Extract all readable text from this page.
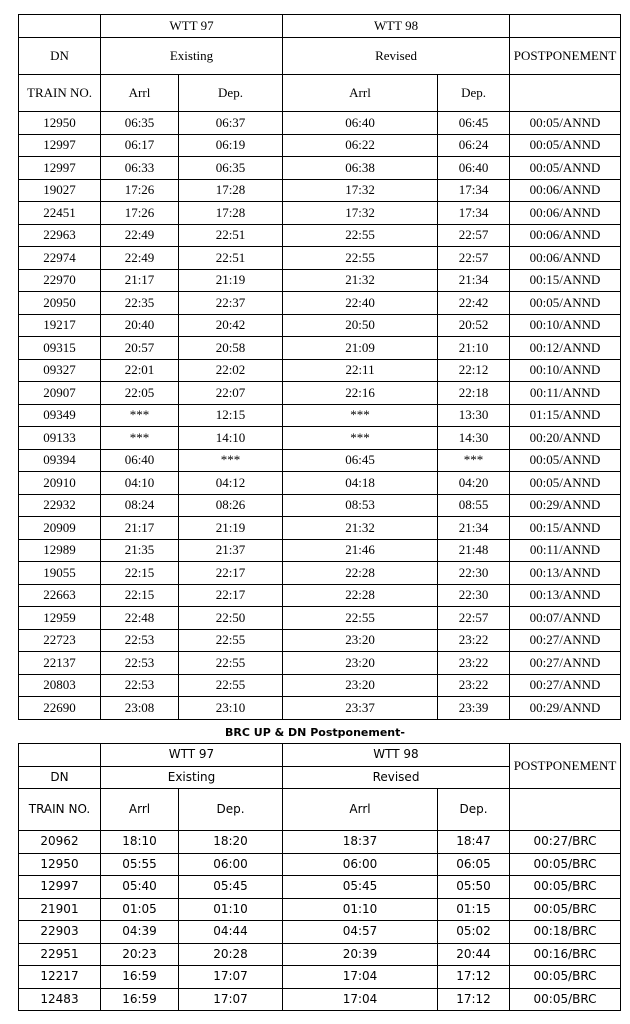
	WTT 97		WTT 98		
DN	Existing		Revised		POSTPONEMENT
TRAIN NO.	Arrl	Dep.	Arrl	Dep.	
12950	06:35	06:37	06:40	06:45	00:05/ANND
12997	06:17	06:19	06:22	06:24	00:05/ANND
12997	06:33	06:35	06:38	06:40	00:05/ANND
19027	17:26	17:28	17:32	17:34	00:06/ANND
22451	17:26	17:28	17:32	17:34	00:06/ANND
22963	22:49	22:51	22:55	22:57	00:06/ANND
22974	22:49	22:51	22:55	22:57	00:06/ANND
22970	21:17	21:19	21:32	21:34	00:15/ANND
20950	22:35	22:37	22:40	22:42	00:05/ANND
19217	20:40	20:42	20:50	20:52	00:10/ANND
09315	20:57	20:58	21:09	21:10	00:12/ANND
09327	22:01	22:02	22:11	22:12	00:10/ANND
20907	22:05	22:07	22:16	22:18	00:11/ANND
09349	***	12:15	***	13:30	01:15/ANND
09133	***	14:10	***	14:30	00:20/ANND
09394	06:40	***	06:45	***	00:05/ANND
20910	04:10	04:12	04:18	04:20	00:05/ANND
22932	08:24	08:26	08:53	08:55	00:29/ANND
20909	21:17	21:19	21:32	21:34	00:15/ANND
12989	21:35	21:37	21:46	21:48	00:11/ANND
19055	22:15	22:17	22:28	22:30	00:13/ANND
22663	22:15	22:17	22:28	22:30	00:13/ANND
12959	22:48	22:50	22:55	22:57	00:07/ANND
22723	22:53	22:55	23:20	23:22	00:27/ANND
22137	22:53	22:55	23:20	23:22	00:27/ANND
20803	22:53	22:55	23:20	23:22	00:27/ANND
22690	23:08	23:10	23:37	23:39	00:29/ANND
BRC UP & DN Postponement-
	WTT 97		WTT 98		POSTPONEMENT
DN	Existing		Revised		
TRAIN NO.	Arrl	Dep.	Arrl	Dep.	
20962	18:10	18:20	18:37	18:47	00:27/BRC
12950	05:55	06:00	06:00	06:05	00:05/BRC
12997	05:40	05:45	05:45	05:50	00:05/BRC
21901	01:05	01:10	01:10	01:15	00:05/BRC
22903	04:39	04:44	04:57	05:02	00:18/BRC
22951	20:23	20:28	20:39	20:44	00:16/BRC
12217	16:59	17:07	17:04	17:12	00:05/BRC
12483	16:59	17:07	17:04	17:12	00:05/BRC
